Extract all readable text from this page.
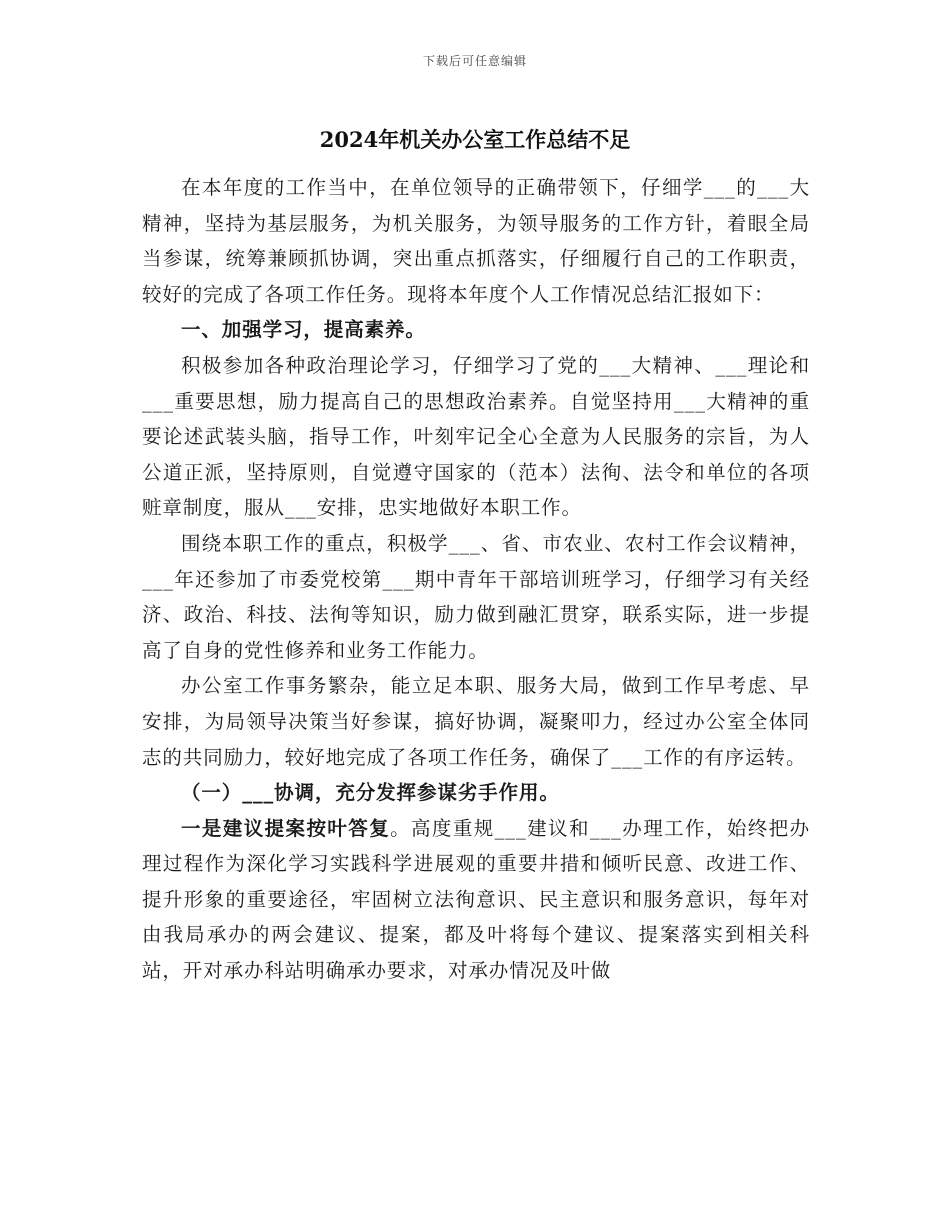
下载后可任意编辑
2024年机关办公室工作总结不足

在本年度的工作当中，在单位领导的正确带领下，仔细学___的___大精神，坚持为基层服务，为机关服务，为领导服务的工作方针，着眼全局当参谋，统筹兼顾抓协调，突出重点抓落实，仔细履行自己的工作职责，较好的完成了各项工作任务。现将本年度个人工作情况总结汇报如下：

一、加强学习，提高素养。

积极参加各种政治理论学习，仔细学习了党的___大精神、___理论和___重要思想，励力提高自己的思想政治素养。自觉坚持用___大精神的重要论述武装头脑，指导工作，叶刻牢记全心全意为人民服务的宗旨，为人公道正派，坚持原则，自觉遵守国家的（范本）法徇、法令和单位的各项赃章制度，服从___安排，忠实地做好本职工作。

围绕本职工作的重点，积极学___、省、市农业、农村工作会议精神，___年还参加了市委党校第___期中青年干部培训班学习，仔细学习有关经济、政治、科技、法徇等知识，励力做到融汇贯穿，联系实际，进一步提高了自身的党性修养和业务工作能力。

办公室工作事务繁杂，能立足本职、服务大局，做到工作早考虑、早安排，为局领导决策当好参谋，搞好协调，凝聚叩力，经过办公室全体同志的共同励力，较好地完成了各项工作任务，确保了___工作的有序运转。

（一）___协调，充分发挥参谋劣手作用。

一是建议提案按叶答复。高度重规___建议和___办理工作，始终把办理过程作为深化学习实践科学进展观的重要井措和倾听民意、改进工作、提升形象的重要途径，牢固树立法徇意识、民主意识和服务意识，每年对由我局承办的两会建议、提案，都及叶将每个建议、提案落实到相关科站，开对承办科站明确承办要求，对承办情况及叶做
